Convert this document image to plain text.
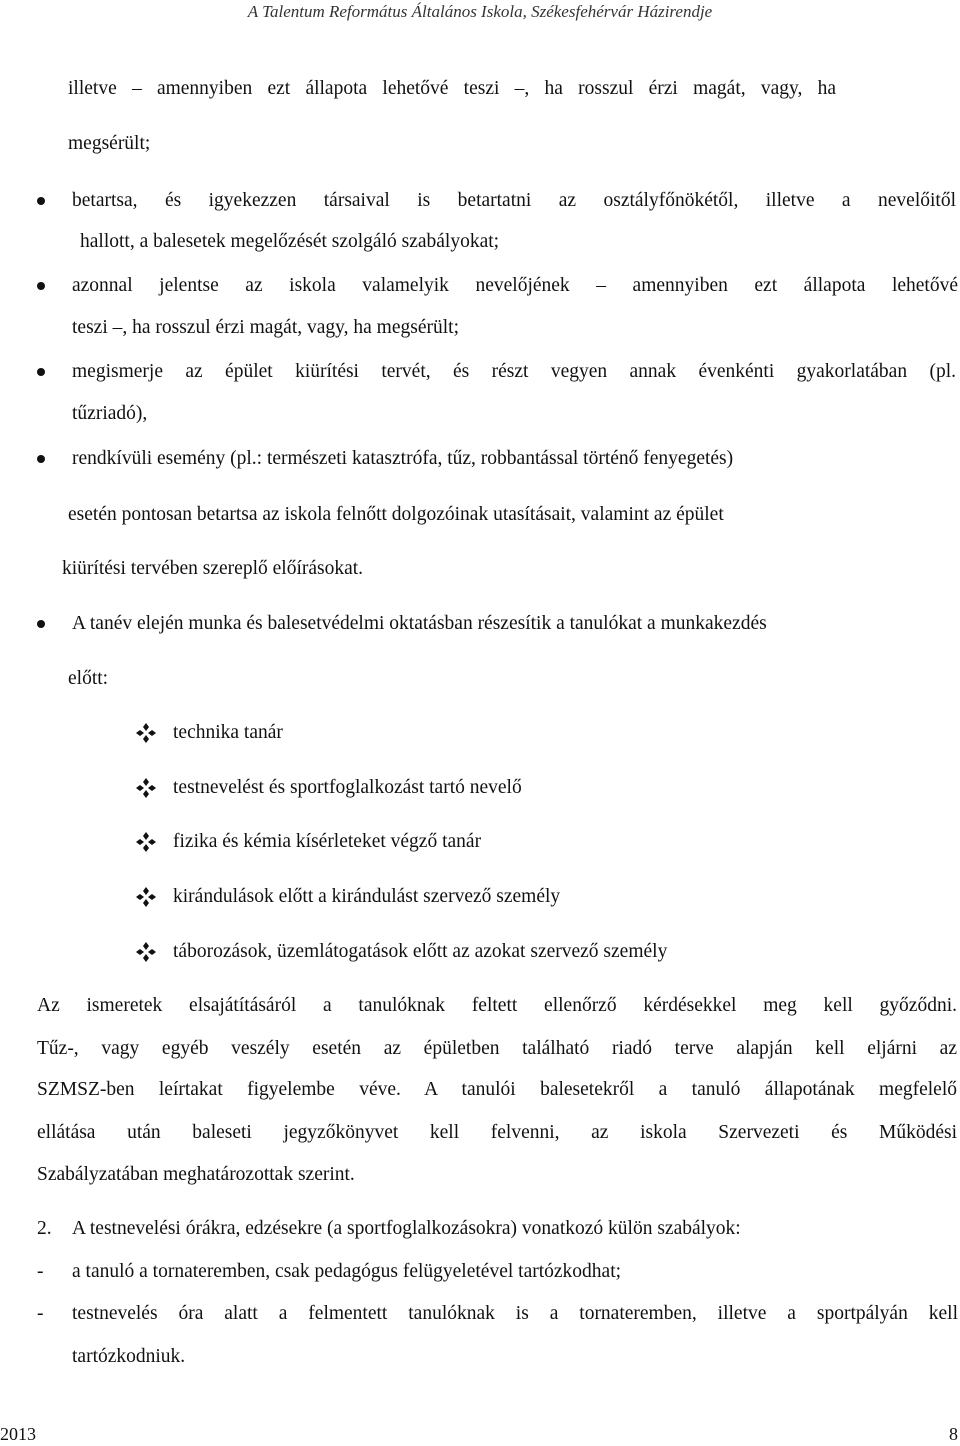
A Talentum Református Általános Iskola, Székesfehérvár Házirendje
illetve – amennyiben ezt állapota lehetővé teszi –, ha rosszul érzi magát, vagy, ha
megsérült;
betartsa, és igyekezzen társaival is betartatni az osztályfőnökétől, illetve a nevelőitől
hallott, a balesetek megelőzését szolgáló szabályokat;
azonnal jelentse az iskola valamelyik nevelőjének – amennyiben ezt állapota lehetővé
teszi –, ha rosszul érzi magát, vagy, ha megsérült;
megismerje az épület kiürítési tervét, és részt vegyen annak évenkénti gyakorlatában (pl.
tűzriadó),
rendkívüli esemény (pl.: természeti katasztrófa, tűz, robbantással történő fenyegetés)
esetén pontosan betartsa az iskola felnőtt dolgozóinak utasításait, valamint az épület
kiürítési tervében szereplő előírásokat.
A tanév elején munka és balesetvédelmi oktatásban részesítik a tanulókat a munkakezdés
előtt:
technika tanár
testnevelést és sportfoglalkozást tartó nevelő
fizika és kémia kísérleteket végző tanár
kirándulások előtt a kirándulást szervező személy
táborozások, üzemlátogatások előtt az azokat szervező személy
Az ismeretek elsajátításáról a tanulóknak feltett ellenőrző kérdésekkel meg kell győződni.
Tűz-, vagy egyéb veszély esetén az épületben található riadó terve alapján kell eljárni az
SZMSZ-ben leírtakat figyelembe véve. A tanulói balesetekről a tanuló állapotának megfelelő
ellátása után baleseti jegyzőkönyvet kell felvenni, az iskola Szervezeti és Működési
Szabályzatában meghatározottak szerint.
2. A testnevelési órákra, edzésekre (a sportfoglalkozásokra) vonatkozó külön szabályok:
- a tanuló a tornateremben, csak pedagógus felügyeletével tartózkodhat;
- testnevelés óra alatt a felmentett tanulóknak is a tornateremben, illetve a sportpályán kell
tartózkodniuk.
2013	8
